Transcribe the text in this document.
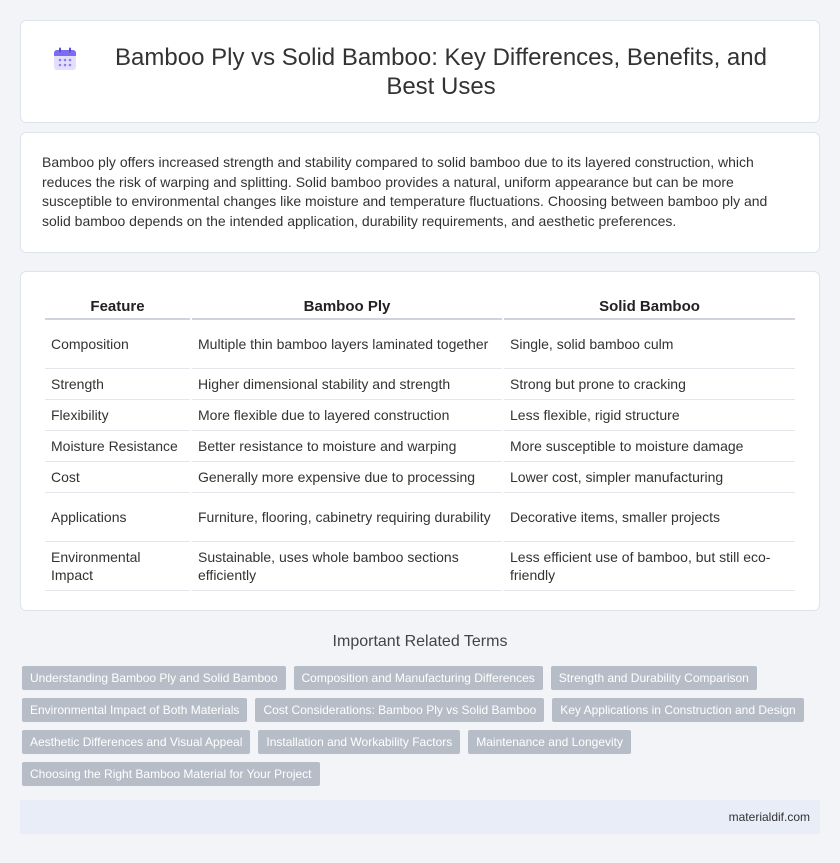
Bamboo Ply vs Solid Bamboo: Key Differences, Benefits, and Best Uses

Bamboo ply offers increased strength and stability compared to solid bamboo due to its layered construction, which reduces the risk of warping and splitting. Solid bamboo provides a natural, uniform appearance but can be more susceptible to environmental changes like moisture and temperature fluctuations. Choosing between bamboo ply and solid bamboo depends on the intended application, durability requirements, and aesthetic preferences.

Feature	Bamboo Ply	Solid Bamboo
Composition	Multiple thin bamboo layers laminated together	Single, solid bamboo culm
Strength	Higher dimensional stability and strength	Strong but prone to cracking
Flexibility	More flexible due to layered construction	Less flexible, rigid structure
Moisture Resistance	Better resistance to moisture and warping	More susceptible to moisture damage
Cost	Generally more expensive due to processing	Lower cost, simpler manufacturing
Applications	Furniture, flooring, cabinetry requiring durability	Decorative items, smaller projects
Environmental Impact	Sustainable, uses whole bamboo sections efficiently	Less efficient use of bamboo, but still eco-friendly
Important Related Terms
Understanding Bamboo Ply and Solid Bamboo	Composition and Manufacturing Differences	Strength and Durability Comparison
Environmental Impact of Both Materials	Cost Considerations: Bamboo Ply vs Solid Bamboo	Key Applications in Construction and Design
Aesthetic Differences and Visual Appeal	Installation and Workability Factors	Maintenance and Longevity
Choosing the Right Bamboo Material for Your Project
materialdif.com
